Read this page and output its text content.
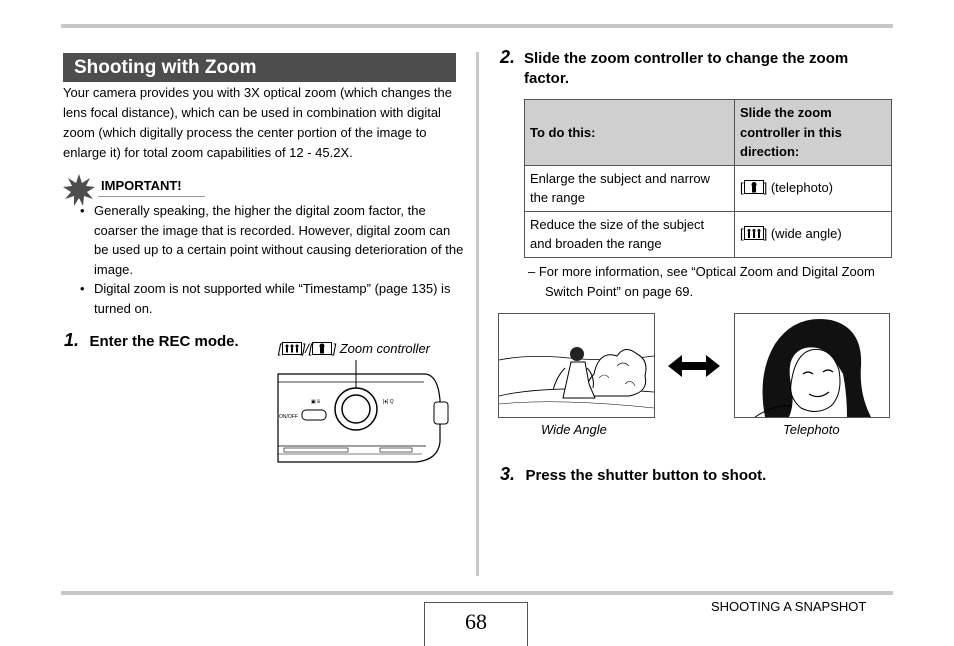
Shooting with Zoom
Your camera provides you with 3X optical zoom (which changes the lens focal distance), which can be used in combination with digital zoom (which digitally process the center portion of the image to enlarge it) for total zoom capabilities of 12 - 45.2X.
IMPORTANT!
• Generally speaking, the higher the digital zoom factor, the coarser the image that is recorded. However, digital zoom can be used up to a certain point without causing deterioration of the image.
• Digital zoom is not supported while “Timestamp” (page 135) is turned on.
1. Enter the REC mode.	[ ]/[ ] Zoom controller
▣ ⅲ	[♦] Q
ON/OFF
2. Slide the zoom controller to change the zoom factor.
To do this:	Slide the zoom controller in this direction:
Enlarge the subject and narrow the range	[ ] (telephoto)
Reduce the size of the subject and broaden the range	[ ] (wide angle)
– For more information, see “Optical Zoom and Digital Zoom Switch Point” on page 69.
Wide Angle	Telephoto
3. Press the shutter button to shoot.
68
SHOOTING A SNAPSHOT
